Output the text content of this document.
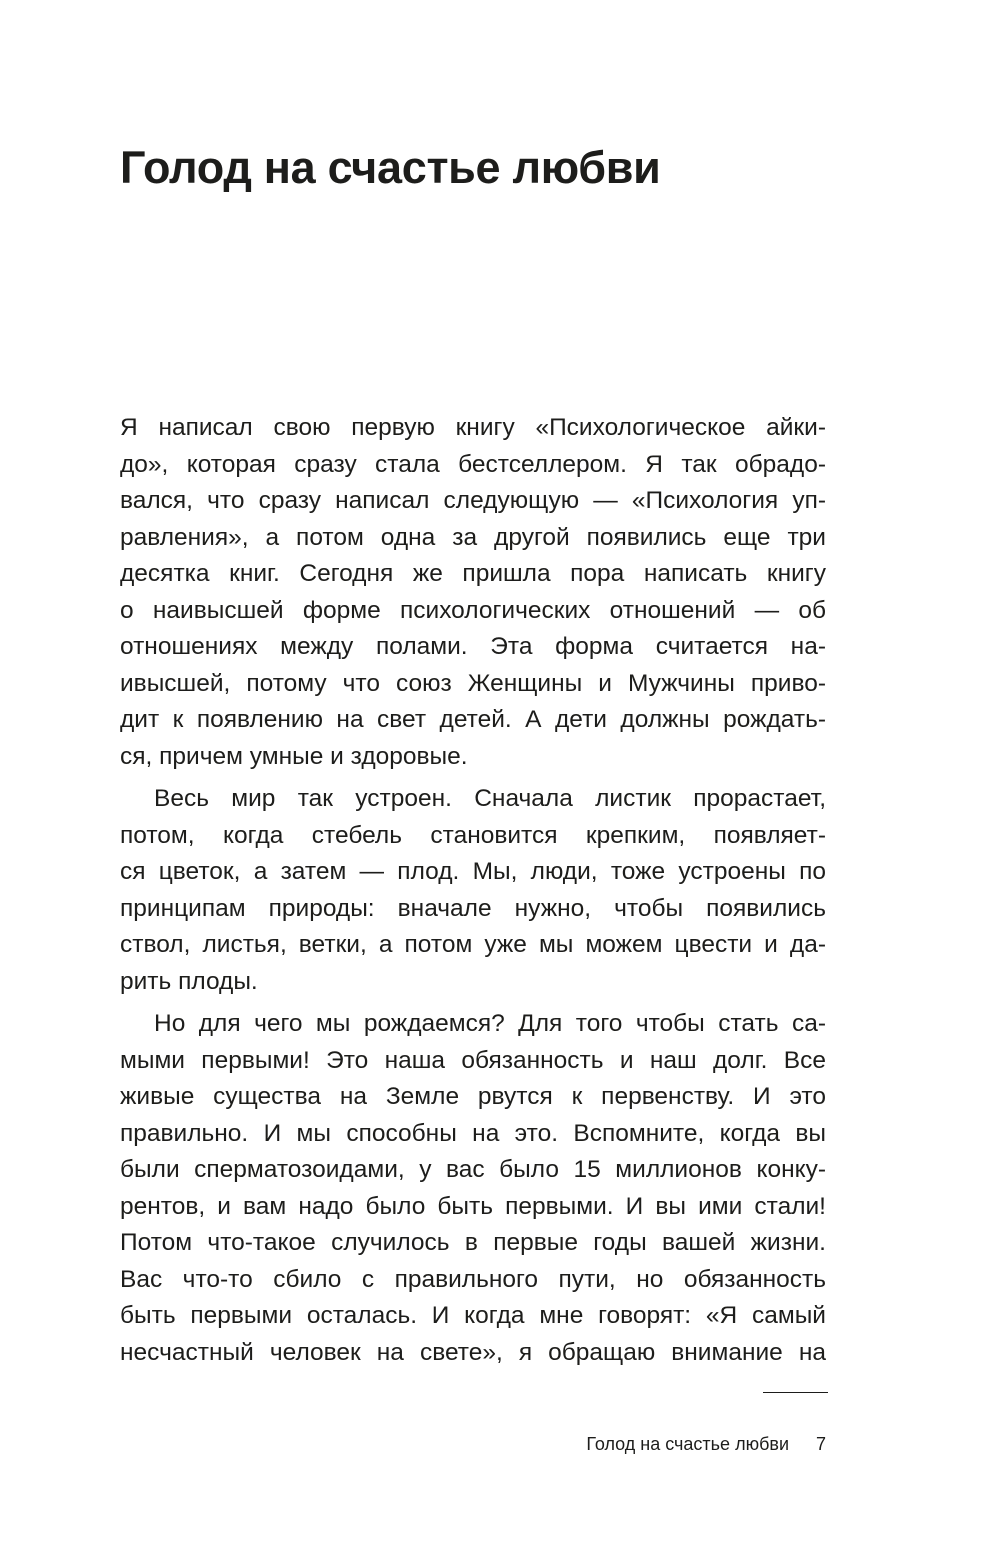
Голод на счастье любви
Я написал свою первую книгу «Психологическое айки-
до», которая сразу стала бестселлером. Я так обрадо-
вался, что сразу написал следующую — «Психология уп-
равления», а потом одна за другой появились еще три
десятка книг. Сегодня же пришла пора написать книгу
о наивысшей форме психологических отношений — об
отношениях между полами. Эта форма считается на-
ивысшей, потому что союз Женщины и Мужчины приво-
дит к появлению на свет детей. А дети должны рождать-
ся, причем умные и здоровые.
Весь мир так устроен. Сначала листик прорастает,
потом, когда стебель становится крепким, появляет-
ся цветок, а затем — плод. Мы, люди, тоже устроены по
принципам природы: вначале нужно, чтобы появились
ствол, листья, ветки, а потом уже мы можем цвести и да-
рить плоды.
Но для чего мы рождаемся? Для того чтобы стать са-
мыми первыми! Это наша обязанность и наш долг. Все
живые существа на Земле рвутся к первенству. И это
правильно. И мы способны на это. Вспомните, когда вы
были сперматозоидами, у вас было 15 миллионов конку-
рентов, и вам надо было быть первыми. И вы ими стали!
Потом что-такое случилось в первые годы вашей жизни.
Вас что-то сбило с правильного пути, но обязанность
быть первыми осталась. И когда мне говорят: «Я самый
несчастный человек на свете», я обращаю внимание на
Голод на счастье любви 7
